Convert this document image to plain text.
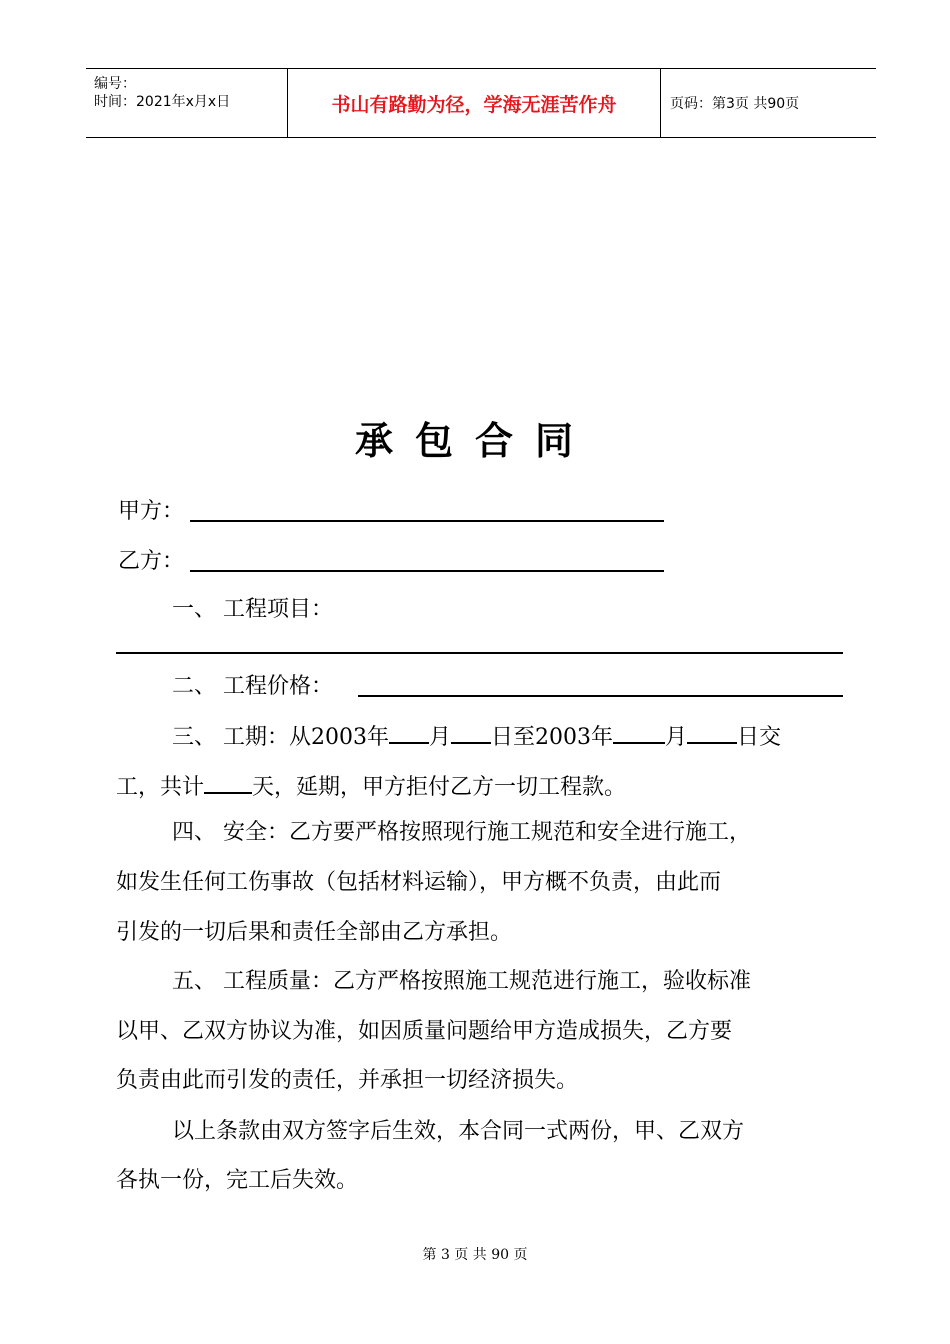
编号：
时间：2021年x月x日	书山有路勤为径，学海无涯苦作舟	页码：第3页 共90页
承包合同
甲方：
乙方：
一、 工程项目：
二、 工程价格：
三、 工期：从2003年 月 日至2003年 月 日交
工，共计 天，延期，甲方拒付乙方一切工程款。
四、 安全：乙方要严格按照现行施工规范和安全进行施工，
如发生任何工伤事故（包括材料运输），甲方概不负责，由此而
引发的一切后果和责任全部由乙方承担。
五、 工程质量：乙方严格按照施工规范进行施工，验收标准
以甲、乙双方协议为准，如因质量问题给甲方造成损失，乙方要
负责由此而引发的责任，并承担一切经济损失。
以上条款由双方签字后生效，本合同一式两份，甲、乙双方
各执一份，完工后失效。
第 3 页 共 90 页
